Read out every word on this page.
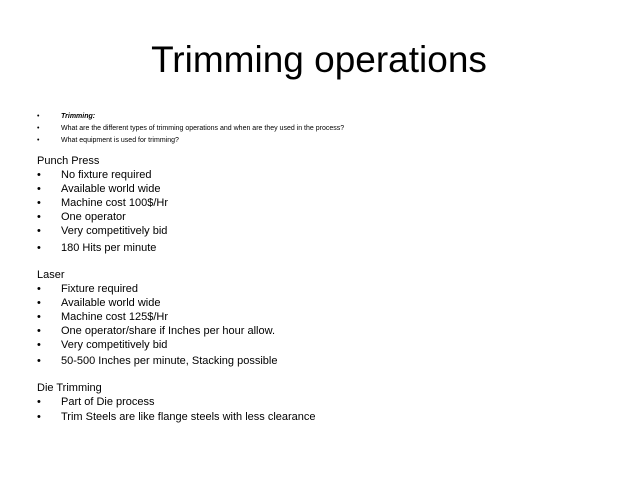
Trimming operations
•	Trimming:
•	What are the different types of trimming operations and when are they used in the process?
•	What equipment is used for trimming?
Punch Press
•	No fixture required
•	Available world wide
•	Machine cost 100$/Hr
•	One operator
•	Very competitively bid
•	180 Hits per minute
Laser
•	Fixture required
•	Available world wide
•	Machine cost 125$/Hr
•	One operator/share if Inches per hour allow.
•	Very competitively bid
•	50-500 Inches per minute, Stacking possible
Die Trimming
•	Part of Die process
•	Trim Steels are like flange steels with less clearance
